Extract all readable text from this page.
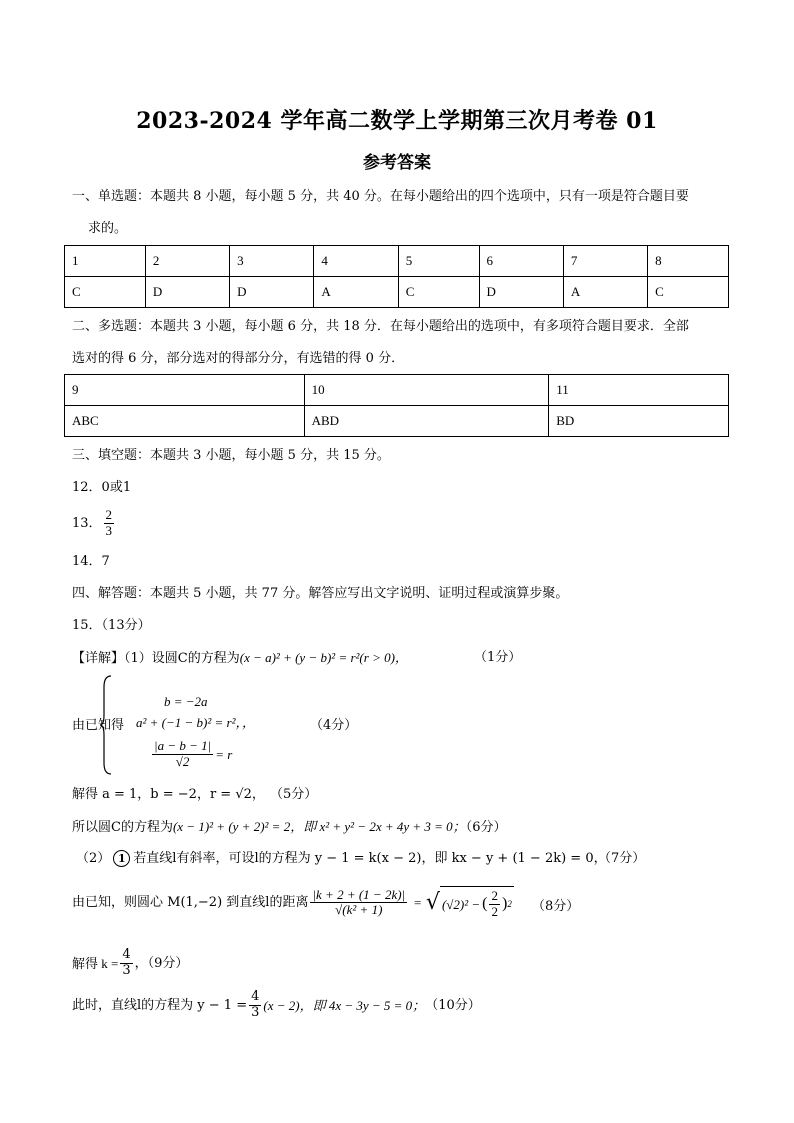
2023-2024 学年高二数学上学期第三次月考卷 01
参考答案
一、单选题：本题共 8 小题，每小题 5 分，共 40 分。在每小题给出的四个选项中，只有一项是符合题目要
求的。
1	2	3	4	5	6	7	8
C	D	D	A	C	D	A	C
二、多选题：本题共 3 小题，每小题 6 分，共 18 分．在每小题给出的选项中，有多项符合题目要求．全部
选对的得 6 分，部分选对的得部分分，有选错的得 0 分．
9	10	11
ABC	ABD	BD
三、填空题：本题共 3 小题，每小题 5 分，共 15 分。
12．0或1
13． $\frac{2}{3}$
14．7
四、解答题：本题共 5 小题，共 77 分。解答应写出文字说明、证明过程或演算步聚。
15．（13分）
【详解】（1）设圆C的方程为(x − a)² + (y − b)² = r²(r > 0)，	（1分）
由已知得
b = −2a
a² + (−1 − b)² = r²，，
$\frac{|a - b - 1|}{√2} = r$
（4分）
解得 a = 1，b = −2，r = √2， （5分）
所以圆C的方程为(x − 1)² + (y + 2)² = 2，即 x² + y² − 2x + 4y + 3 = 0；（6分）
（2） 1 若直线l有斜率，可设l的方程为 y − 1 = k(x − 2)，即 kx − y + (1 − 2k) = 0，
（7分）
由已知，则圆心 M(1,−2) 到直线l的距离 $\frac{|k + 2 + (1 - 2k)|}{\text{√(k² + 1)}}$ = √ (√2)² − ( $\frac{2}{2}$ ) 2 （8分）
解得 $k = \frac{4}{3}$ ，（9分）
此时，直线l的方程为 $y - 1 = \frac{4}{3} (x - 2)$，即 4x − 3y − 5 = 0； （10分）
